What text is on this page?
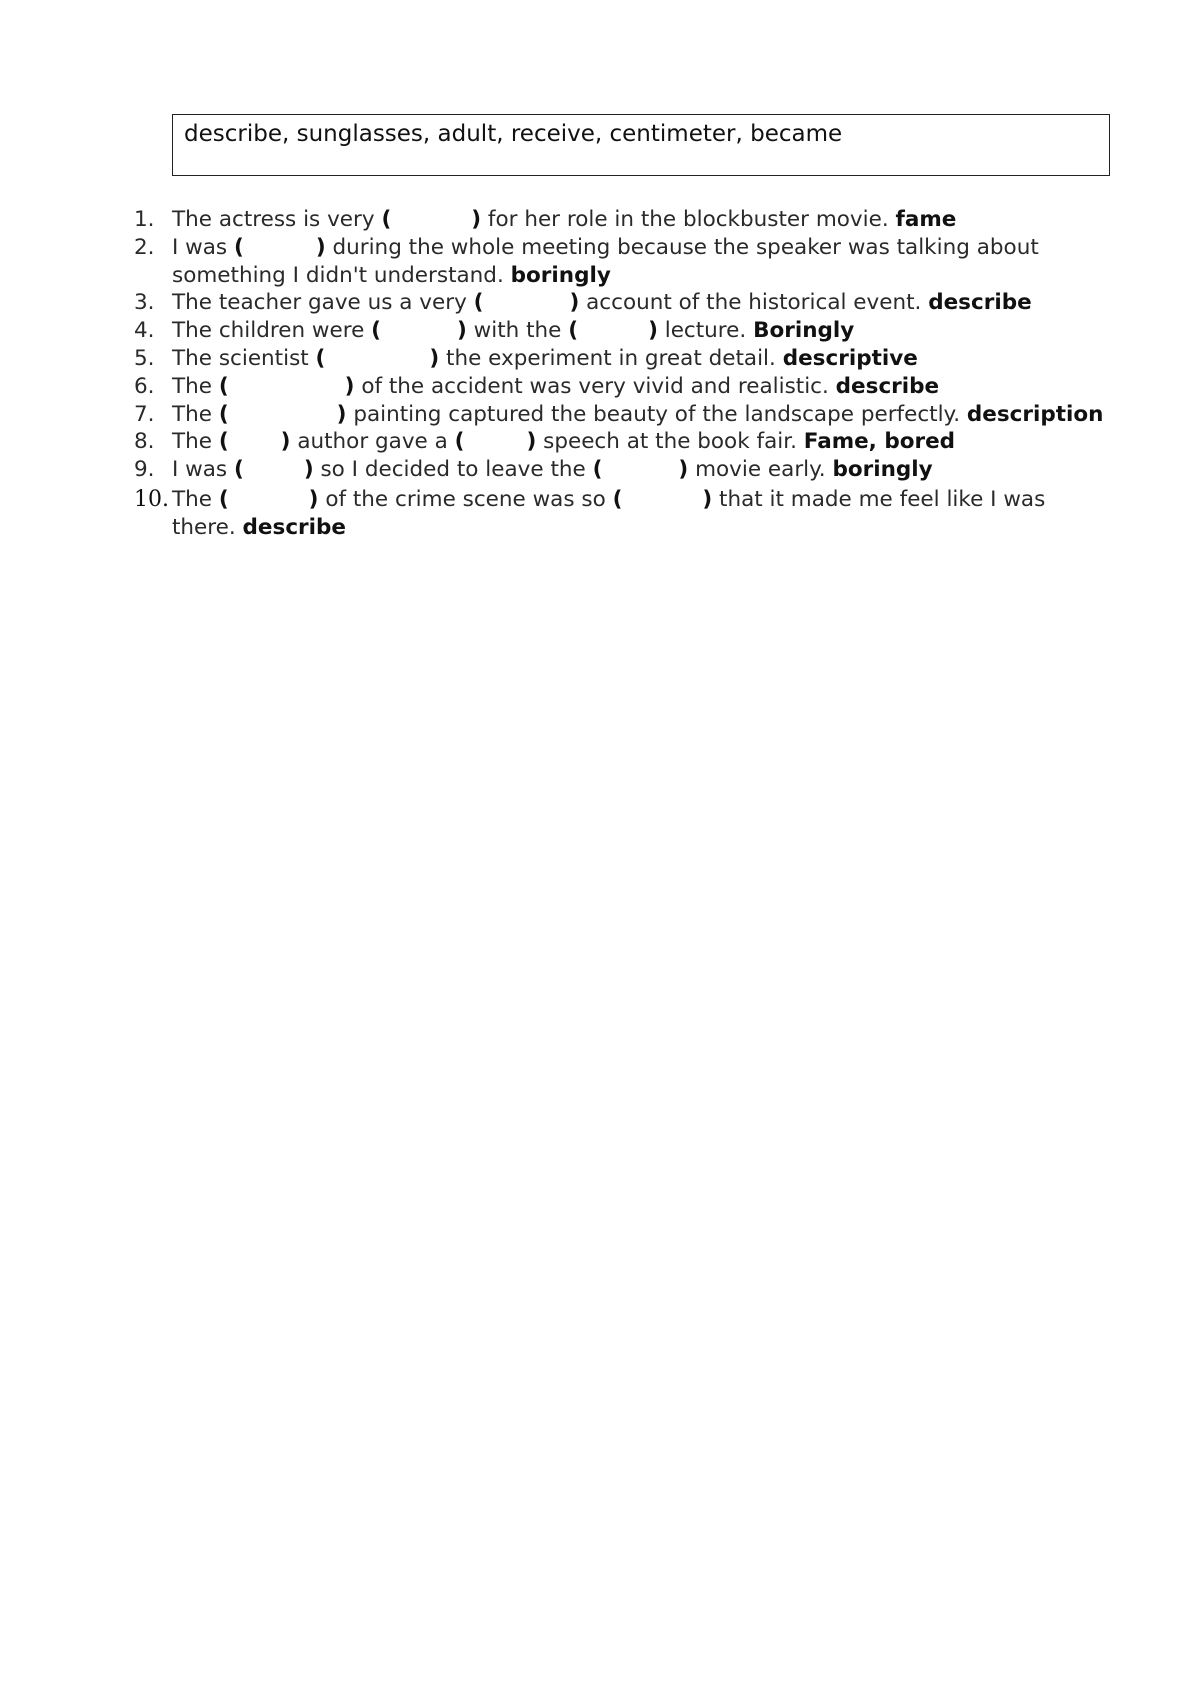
describe, sunglasses, adult, receive, centimeter, became
1. The actress is very (	) for her role in the blockbuster movie. fame
2. I was (	) during the whole meeting because the speaker was talking about something I didn't understand. boringly
3. The teacher gave us a very (	) account of the historical event. describe
4. The children were (	) with the (	) lecture. Boringly
5. The scientist (	) the experiment in great detail. descriptive
6. The (	) of the accident was very vivid and realistic. describe
7. The (	) painting captured the beauty of the landscape perfectly. description
8. The ( ) author gave a (	) speech at the book fair. Fame, bored
9. I was (	) so I decided to leave the (	) movie early. boringly
10. The (	) of the crime scene was so (	) that it made me feel like I was there. describe
